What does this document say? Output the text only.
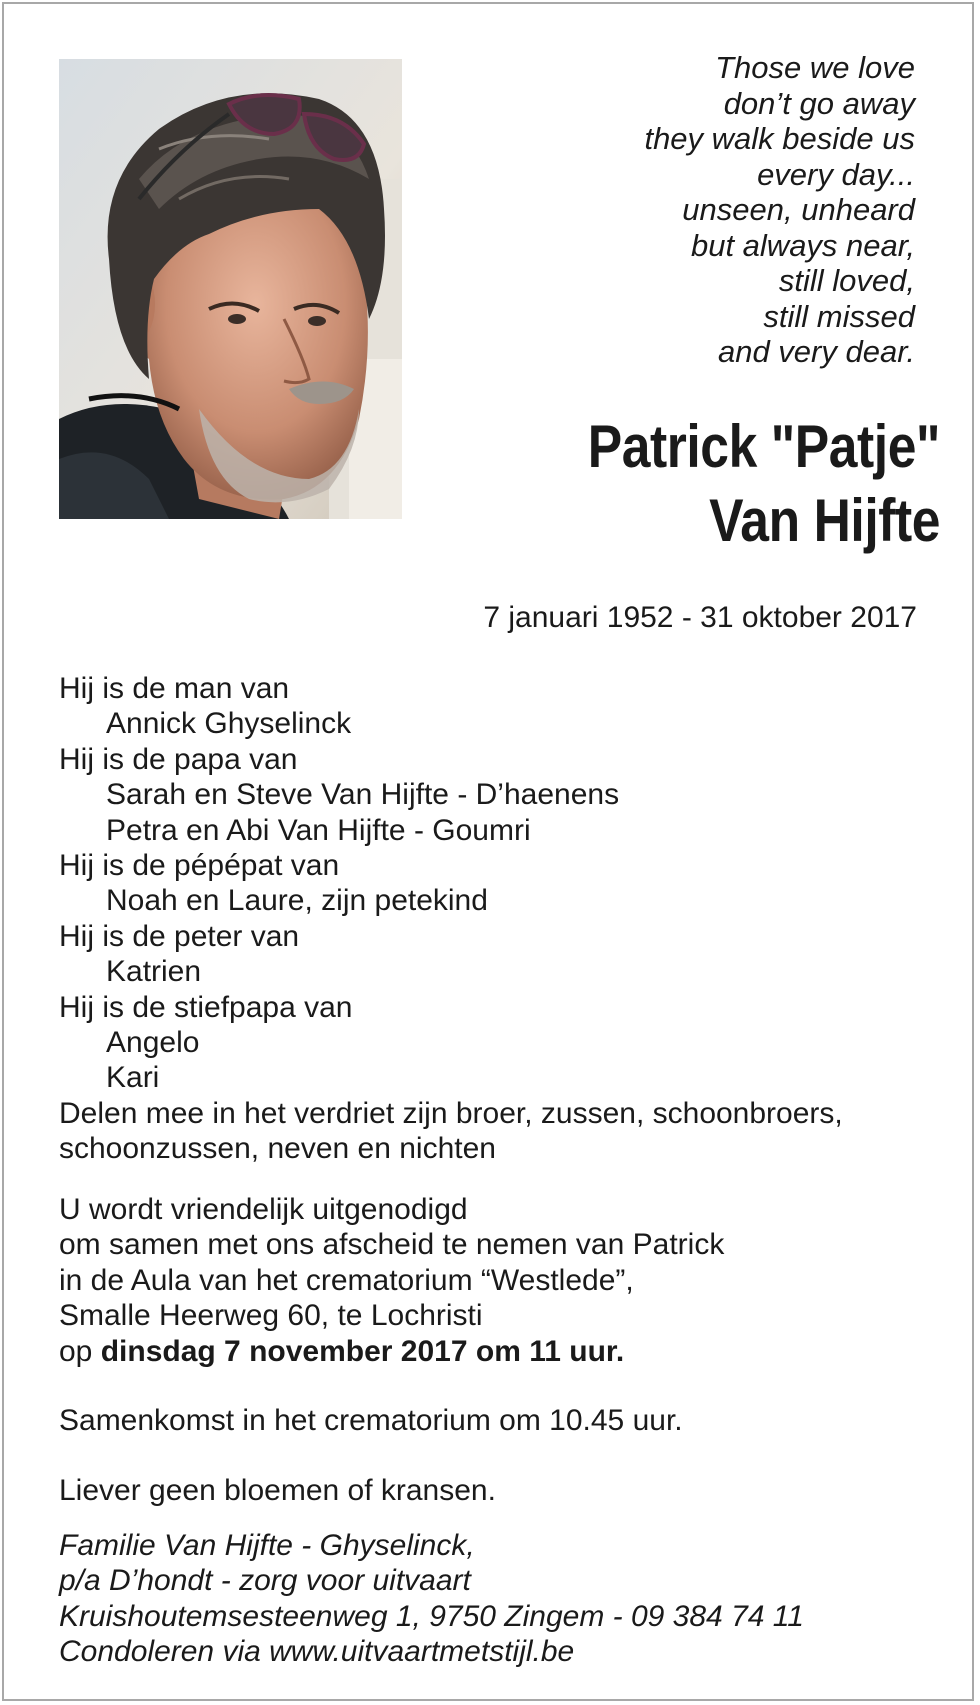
Those we love
don’t go away
they walk beside us
every day...
unseen, unheard
but always near,
still loved,
still missed
and very dear.
Patrick "Patje"
Van Hijfte
7 januari 1952 - 31 oktober 2017
Hij is de man van
Annick Ghyselinck
Hij is de papa van
Sarah en Steve Van Hijfte - D’haenens
Petra en Abi Van Hijfte - Goumri
Hij is de pépépat van
Noah en Laure, zijn petekind
Hij is de peter van
Katrien
Hij is de stiefpapa van
Angelo
Kari
Delen mee in het verdriet zijn broer, zussen, schoonbroers,
schoonzussen, neven en nichten
U wordt vriendelijk uitgenodigd
om samen met ons afscheid te nemen van Patrick
in de Aula van het crematorium “Westlede”,
Smalle Heerweg 60, te Lochristi
op dinsdag 7 november 2017 om 11 uur.
Samenkomst in het crematorium om 10.45 uur.
Liever geen bloemen of kransen.
Familie Van Hijfte - Ghyselinck,
p/a D’hondt - zorg voor uitvaart
Kruishoutemsesteenweg 1, 9750 Zingem - 09 384 74 11
Condoleren via www.uitvaartmetstijl.be
